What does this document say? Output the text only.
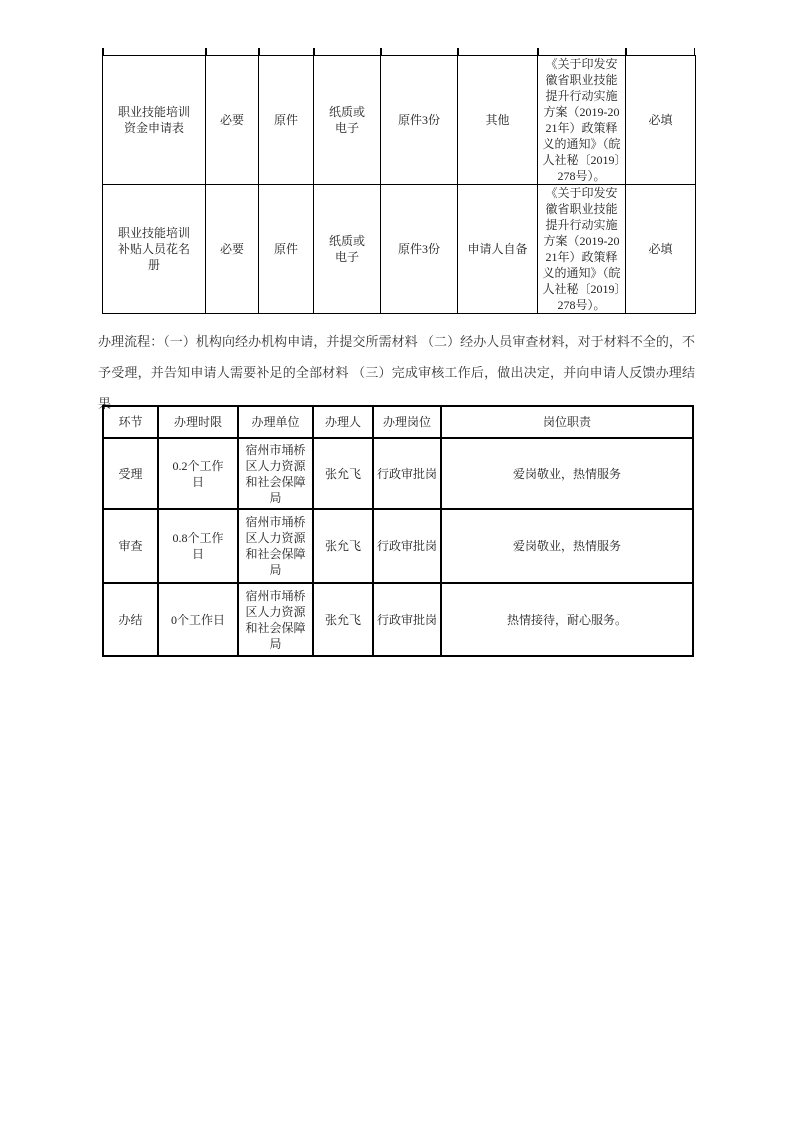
职业技能培训资金申请表	必要	原件	纸质或电子	原件3份	其他	《关于印发安徽省职业技能提升行动实施方案（2019-2021年）政策释义的通知》（皖人社秘〔2019〕278号）。	必填
职业技能培训补贴人员花名册	必要	原件	纸质或电子	原件3份	申请人自备	《关于印发安徽省职业技能提升行动实施方案（2019-2021年）政策释义的通知》（皖人社秘〔2019〕278号）。	必填
办理流程：（一）机构向经办机构申请，并提交所需材料 （二）经办人员审查材料，对于材料不全的，不予受理，并告知申请人需要补足的全部材料 （三）完成审核工作后，做出决定，并向申请人反馈办理结果
环节	办理时限	办理单位	办理人	办理岗位	岗位职责
受理	0.2个工作日	宿州市埇桥区人力资源和社会保障局	张允飞	行政审批岗	爱岗敬业，热情服务
审查	0.8个工作日	宿州市埇桥区人力资源和社会保障局	张允飞	行政审批岗	爱岗敬业，热情服务
办结	0个工作日	宿州市埇桥区人力资源和社会保障局	张允飞	行政审批岗	热情接待，耐心服务。
